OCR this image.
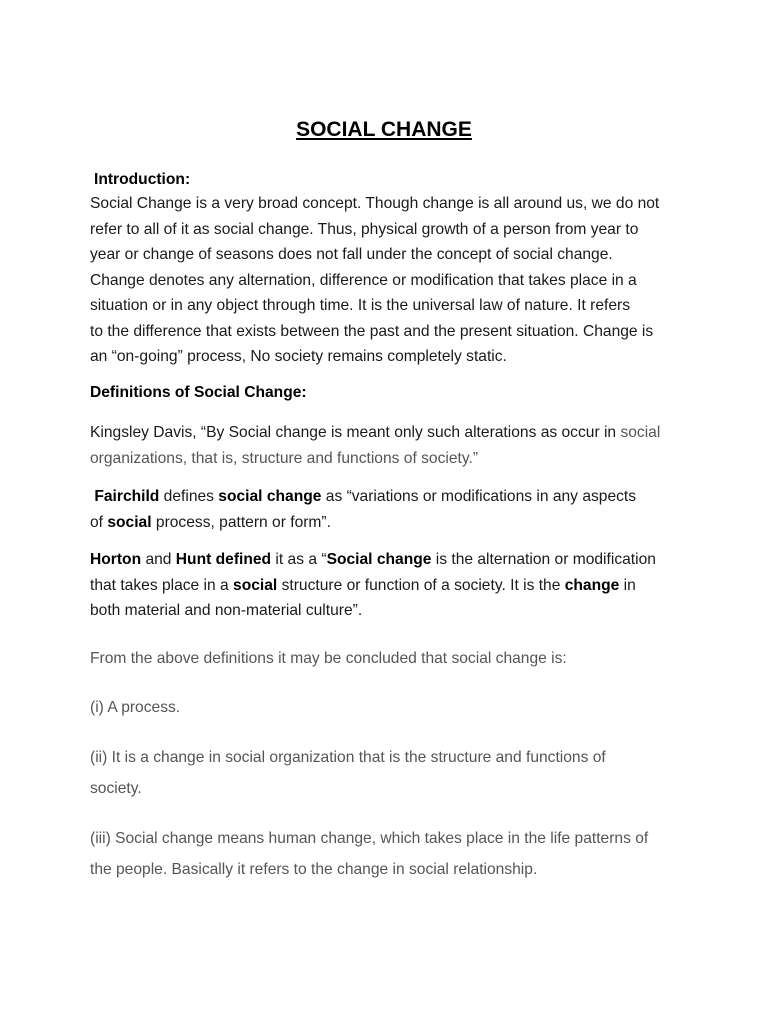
SOCIAL CHANGE
Introduction:
Social Change is a very broad concept. Though change is all around us, we do not
refer to all of it as social change. Thus, physical growth of a person from year to
year or change of seasons does not fall under the concept of social change.
Change denotes any alternation, difference or modification that takes place in a
situation or in any object through time. It is the universal law of nature. It refers
to the difference that exists between the past and the present situation. Change is
an “on-going” process, No society remains completely static.
Definitions of Social Change:
Kingsley Davis, “By Social change is meant only such alterations as occur in social
organizations, that is, structure and functions of society.”
Fairchild defines social change as “variations or modifications in any aspects
of social process, pattern or form”.
Horton and Hunt defined it as a “Social change is the alternation or modification
that takes place in a social structure or function of a society. It is the change in
both material and non-material culture”.
From the above definitions it may be concluded that social change is:
(i) A process.
(ii) It is a change in social organization that is the structure and functions of
society.
(iii) Social change means human change, which takes place in the life patterns of
the people. Basically it refers to the change in social relationship.
